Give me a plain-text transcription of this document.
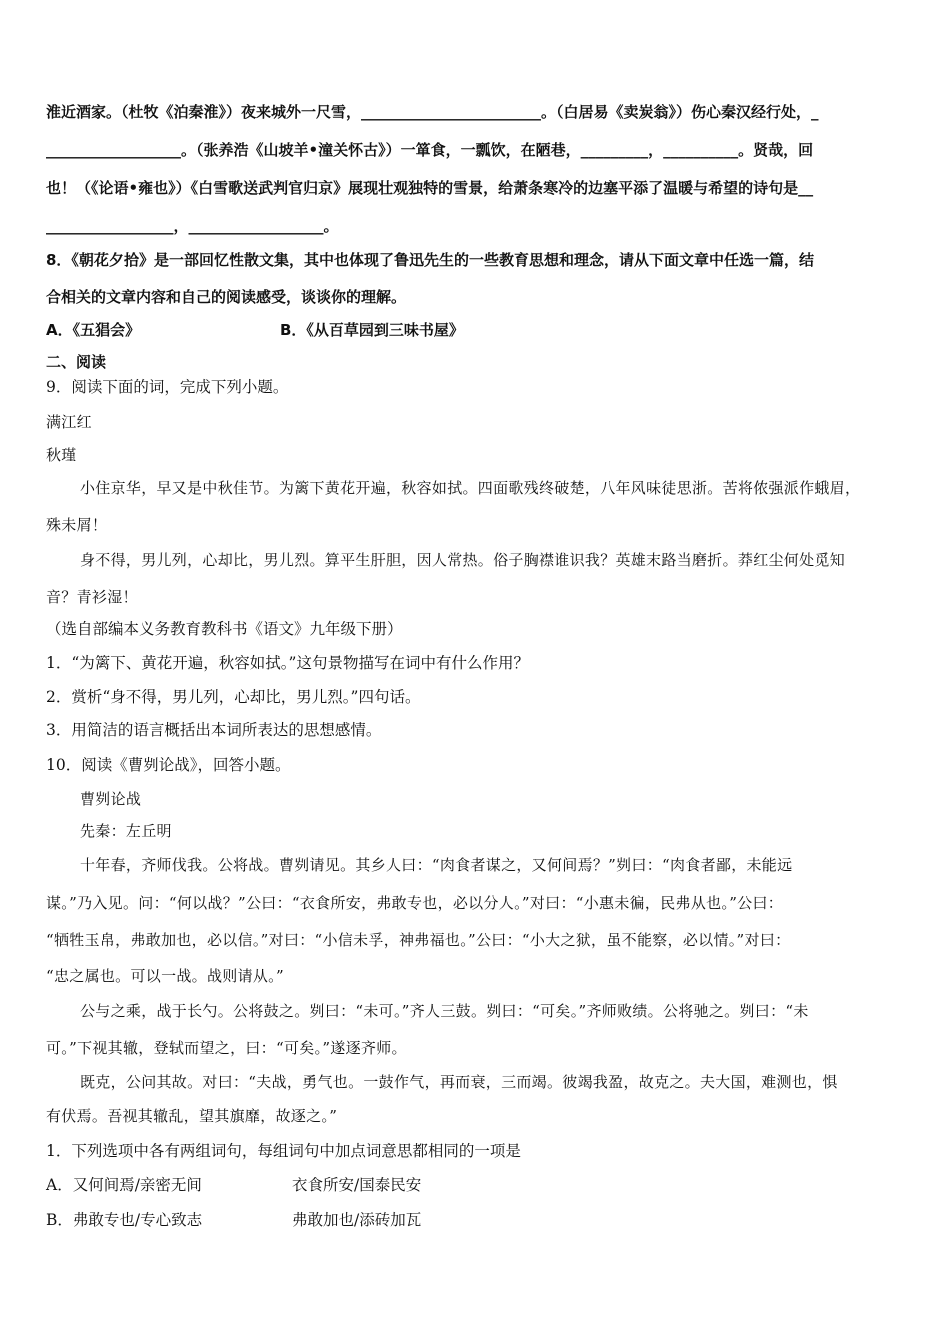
淮近酒家。（杜牧《泊秦淮》）夜来城外一尺雪，________________________。（白居易《卖炭翁》）伤心秦汉经行处，_
__________________。（张养浩《山坡羊•潼关怀古》）一箪食，一瓢饮，在陋巷，_________，__________。贤哉，回
也！（《论语•雍也》）《白雪歌送武判官归京》展现壮观独特的雪景，给萧条寒冷的边塞平添了温暖与希望的诗句是__
_________________，__________________。
8．《朝花夕拾》是一部回忆性散文集，其中也体现了鲁迅先生的一些教育思想和理念，请从下面文章中任选一篇，结
合相关的文章内容和自己的阅读感受，谈谈你的理解。
A．《五猖会》	B．《从百草园到三味书屋》
二、阅读
9．阅读下面的词，完成下列小题。
满江红
秋瑾
小住京华，早又是中秋佳节。为篱下黄花开遍，秋容如拭。四面歌残终破楚，八年风味徒思浙。苦将侬强派作蛾眉，
殊未屑！
身不得，男儿列，心却比，男儿烈。算平生肝胆，因人常热。俗子胸襟谁识我？英雄末路当磨折。莽红尘何处觅知
音？青衫湿！
（选自部编本义务教育教科书《语文》九年级下册）
1．“为篱下、黄花开遍，秋容如拭。”这句景物描写在词中有什么作用？
2．赏析“身不得，男儿列，心却比，男儿烈。”四句话。
3．用简洁的语言概括出本词所表达的思想感情。
10．阅读《曹刿论战》，回答小题。
曹刿论战
先秦：左丘明
十年春，齐师伐我。公将战。曹刿请见。其乡人曰：“肉食者谋之，又何间焉？”刿曰：“肉食者鄙，未能远
谋。”乃入见。问：“何以战？”公曰：“衣食所安，弗敢专也，必以分人。”对曰：“小惠未徧，民弗从也。”公曰：
“牺牲玉帛，弗敢加也，必以信。”对曰：“小信未孚，神弗福也。”公曰：“小大之狱，虽不能察，必以情。”对曰：
“忠之属也。可以一战。战则请从。”
公与之乘，战于长勺。公将鼓之。刿曰：“未可。”齐人三鼓。刿曰：“可矣。”齐师败绩。公将驰之。刿曰：“未
可。”下视其辙，登轼而望之，曰：“可矣。”遂逐齐师。
既克，公问其故。对曰：“夫战，勇气也。一鼓作气，再而衰，三而竭。彼竭我盈，故克之。夫大国，难测也，惧
有伏焉。吾视其辙乱，望其旗靡，故逐之。”
1．下列选项中各有两组词句，每组词句中加点词意思都相同的一项是
A．又何间焉/亲密无间	衣食所安/国泰民安
B．弗敢专也/专心致志	弗敢加也/添砖加瓦
